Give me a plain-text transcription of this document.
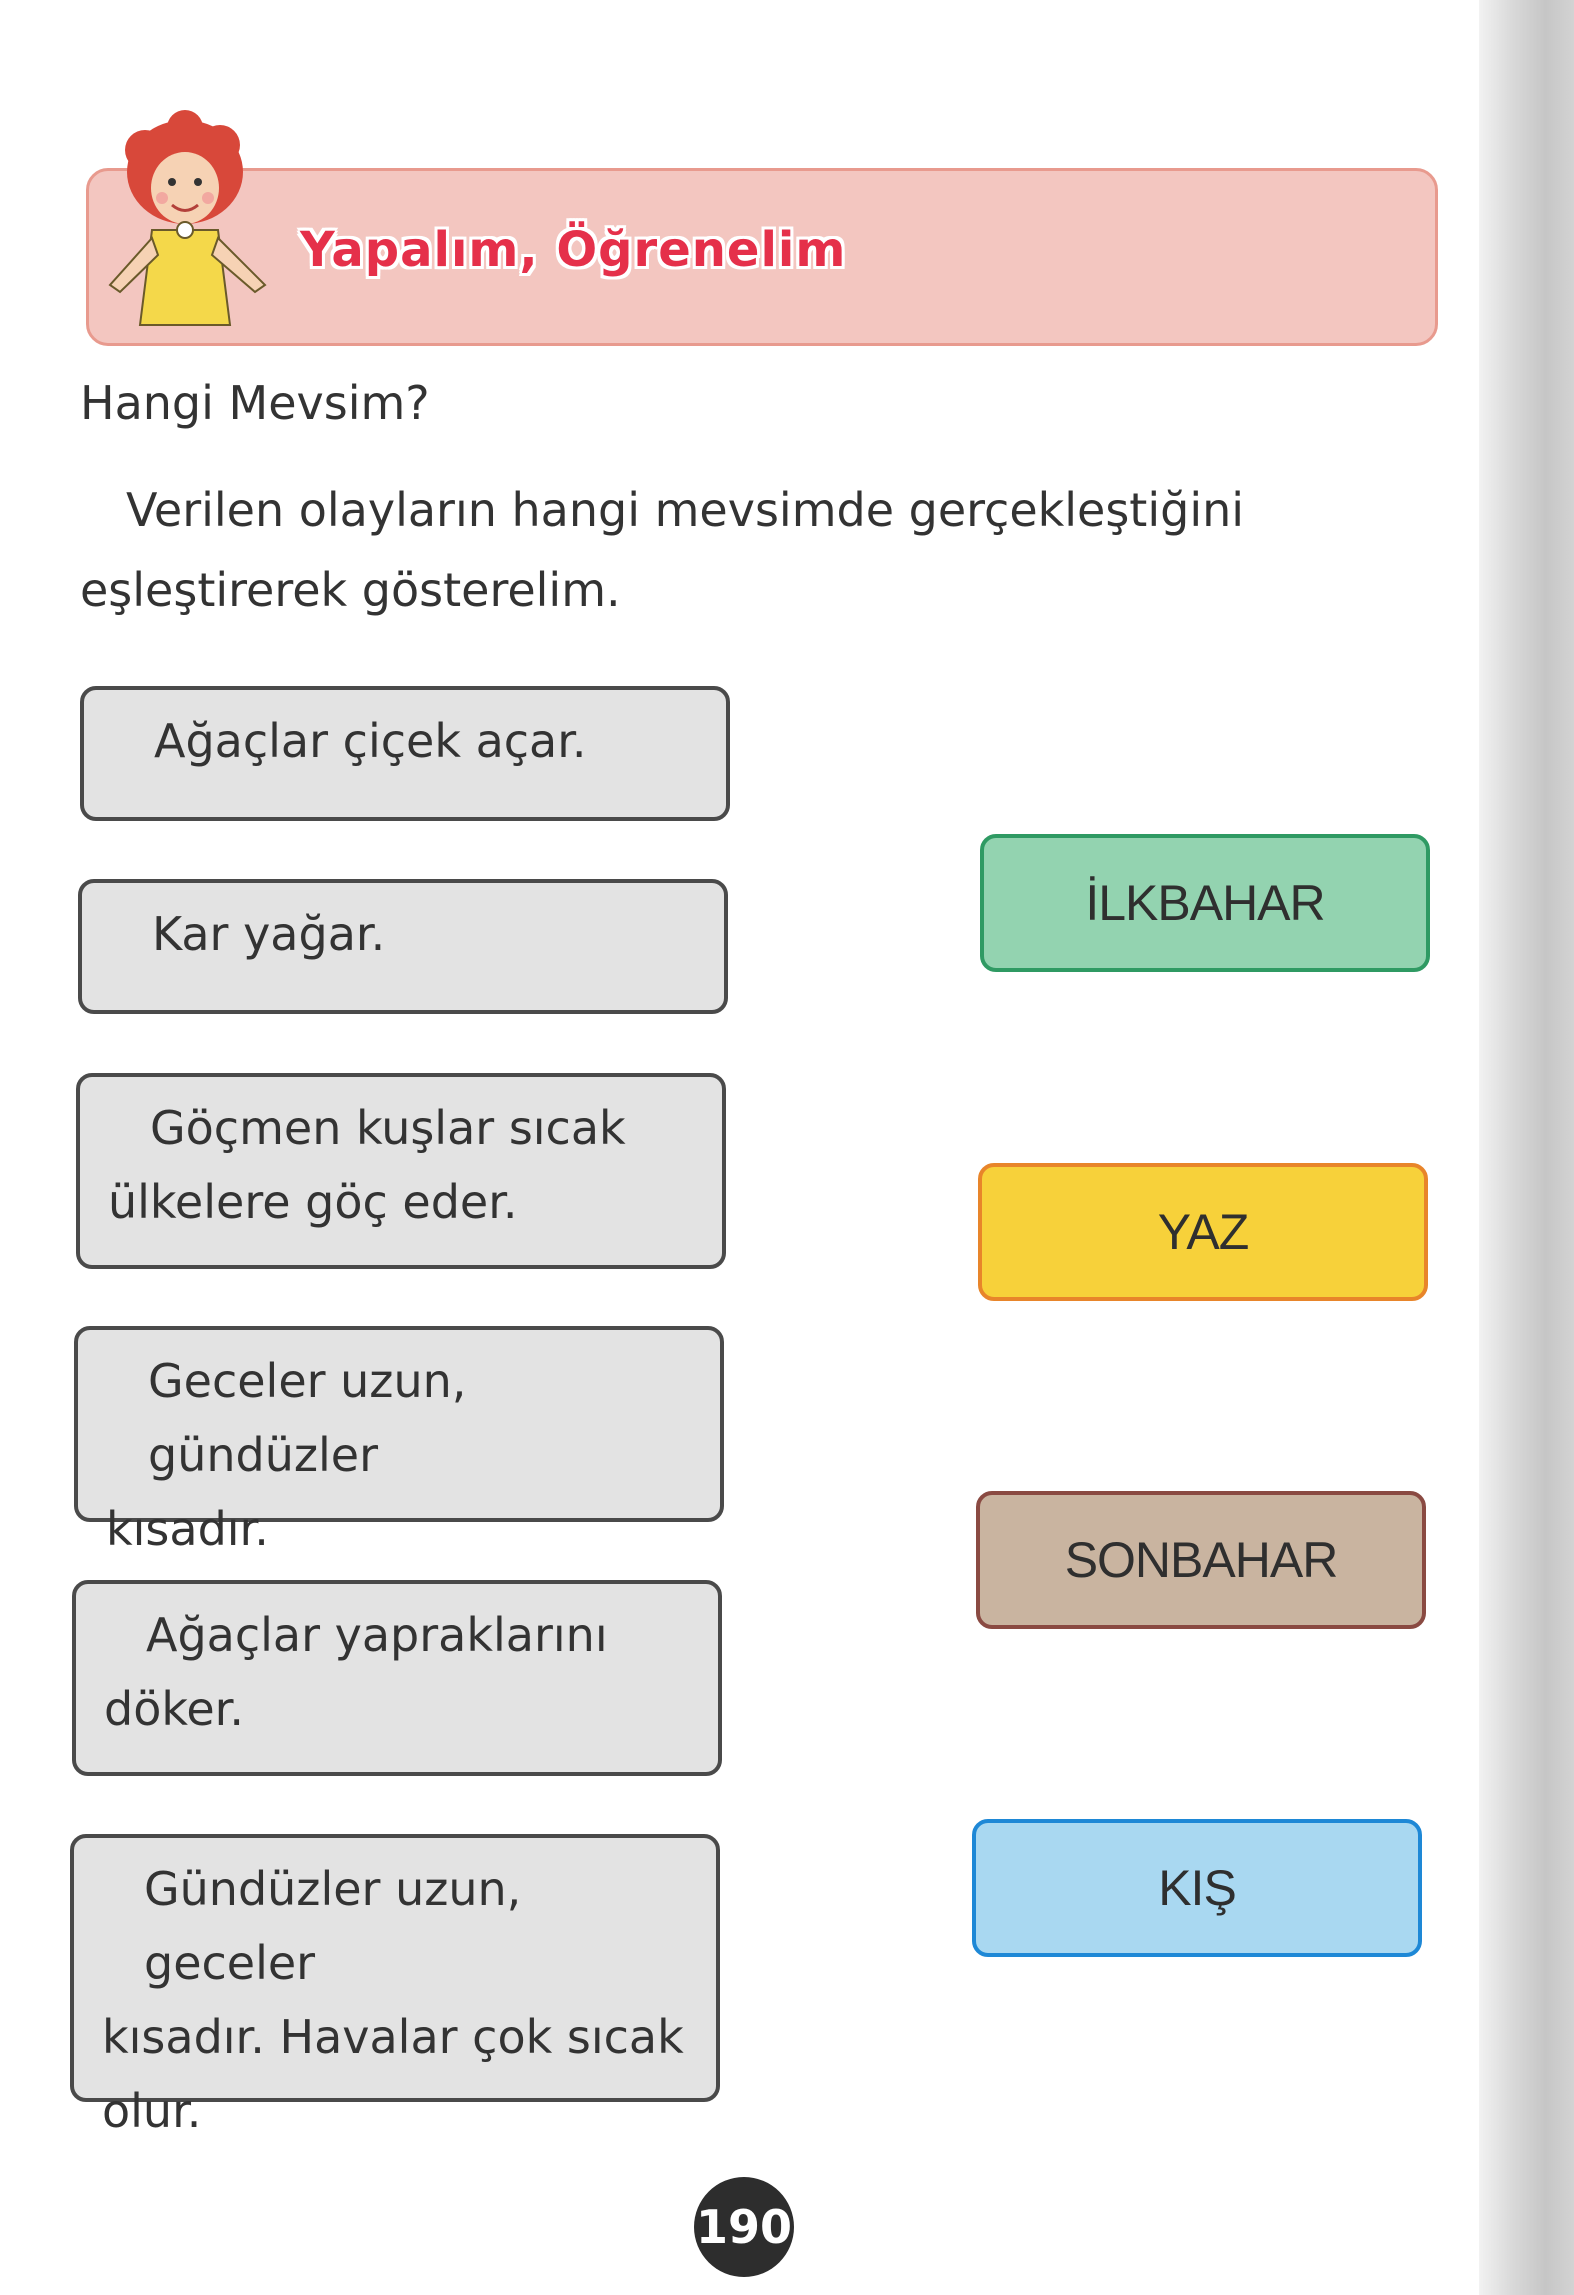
Yapalım, Öğrenelim
Hangi Mevsim?
Verilen olayların hangi mevsimde gerçekleştiğini eşleştirerek gösterelim.
Ağaçlar çiçek açar.
Kar yağar.
Göçmen kuşlar sıcak
ülkelere göç eder.
Geceler uzun, gündüzler
kısadır.
Ağaçlar yapraklarını
döker.
Gündüzler uzun, geceler
kısadır. Havalar çok sıcak
olur.
İLKBAHAR
YAZ
SONBAHAR
KIŞ
190
